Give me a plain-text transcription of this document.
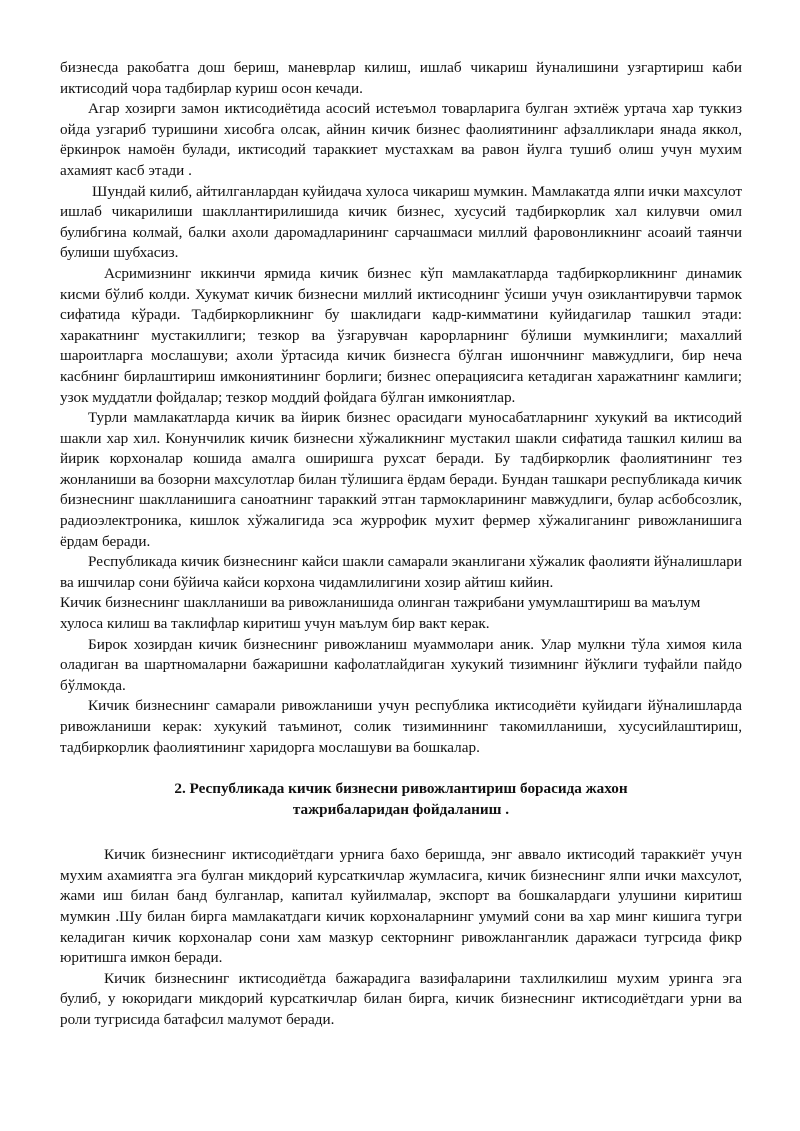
бизнесда ракобатга дош бериш, маневрлар килиш, ишлаб чикариш йуналишини узгартириш каби иктисодий чора тадбирлар куриш осон кечади.

Агар хозирги замон иктисодиётида асосий истеъмол товарларига булган эхтиёж уртача хар туккиз ойда узгариб туришини хисобга олсак, айнин кичик бизнес фаолиятининг афзалликлари янада яккол, ёркинрок намоён булади, иктисодий тараккиет мустахкам ва равон йулга тушиб олиш учун мухим ахамият касб этади .

Шундай килиб, айтилганлардан куйидача хулоса чикариш мумкин. Мамлакатда ялпи ички махсулот ишлаб чикарилиши шакллантирилишида кичик бизнес, хусусий тадбиркорлик хал килувчи омил булибгина колмай, балки ахоли даромадларининг сарчашмаси миллий фаровонликнинг асоаий таянчи булиши шубхасиз.

Асримизнинг иккинчи ярмида кичик бизнес кўп мамлакатларда тадбиркорликнинг динамик кисми бўлиб колди. Хукумат кичик бизнесни миллий иктисоднинг ўсиши учун озиклантирувчи тармок сифатида кўради. Тадбиркорликнинг бу шаклидаги кадр-кимматини куйидагилар ташкил этади: харакатнинг мустакиллиги; тезкор ва ўзгарувчан карорларнинг бўлиши мумкинлиги; махаллий шароитларга мослашуви; ахоли ўртасида кичик бизнесга бўлган ишончнинг мавжудлиги, бир неча касбнинг бирлаштириш имкониятининг борлиги; бизнес операциясига кетадиган харажатнинг камлиги; узок муддатли фойдалар; тезкор моддий фойдага бўлган имкониятлар.

Турли мамлакатларда кичик ва йирик бизнес орасидаги муносабатларнинг хукукий ва иктисодий шакли хар хил. Конунчилик кичик бизнесни хўжаликнинг мустакил шакли сифатида ташкил килиш ва йирик корхоналар кошида амалга оширишга рухсат беради. Бу тадбиркорлик фаолиятининг тез жонланиши ва бозорни махсулотлар билан тўлишига ёрдам беради. Бундан ташкари республикада кичик бизнеснинг шаклланишига саноатнинг тараккий этган тармокларининг мавжудлиги, булар асбобсозлик, радиоэлектроника, кишлок хўжалигида эса журрофик мухит фермер хўжалиганинг ривожланишига ёрдам беради.

Республикада кичик бизнеснинг кайси шакли самарали эканлигани хўжалик фаолияти йўналишлари ва ишчилар сони бўйича кайси корхона чидамлилигини хозир айтиш кийин.

Кичик бизнеснинг шаклланиши ва ривожланишида олинган тажрибани умумлаштириш ва маълум хулоса килиш ва таклифлар киритиш учун маълум бир вакт керак.

Бирок хозирдан кичик бизнеснинг ривожланиш муаммолари аник. Улар мулкни тўла химоя кила оладиган ва шартномаларни бажаришни кафолатлайдиган хукукий тизимнинг йўклиги туфайли пайдо бўлмокда.

Кичик бизнеснинг самарали ривожланиши учун республика иктисодиёти куйидаги йўналишларда ривожланиши керак: хукукий таъминот, солик тизиминнинг такомилланиши, хусусийлаштириш, тадбиркорлик фаолиятининг харидорга мослашуви ва бошкалар.

2. Республикада кичик бизнесни ривожлантириш борасида жахон
тажрибаларидан фойдаланиш .

Кичик бизнеснинг иктисодиётдаги урнига бахо беришда, энг аввало иктисодий тараккиёт учун мухим ахамиятга эга булган микдорий курсаткичлар жумласига, кичик бизнеснинг ялпи ички махсулот, жами иш билан банд булганлар, капитал куйилмалар, экспорт ва бошкалардаги улушини киритиш мумкин .Шу билан бирга мамлакатдаги кичик корхоналарнинг умумий сони ва хар минг кишига тугри келадиган кичик корхоналар сони хам мазкур секторнинг ривожланганлик даражаси тугрсида фикр юритишга имкон беради.

Кичик бизнеснинг иктисодиётда бажарадига вазифаларини тахлилкилиш мухим уринга эга булиб, у юкоридаги микдорий курсаткичлар билан бирга, кичик бизнеснинг иктисодиётдаги урни ва роли тугрисида батафсил малумот беради.
